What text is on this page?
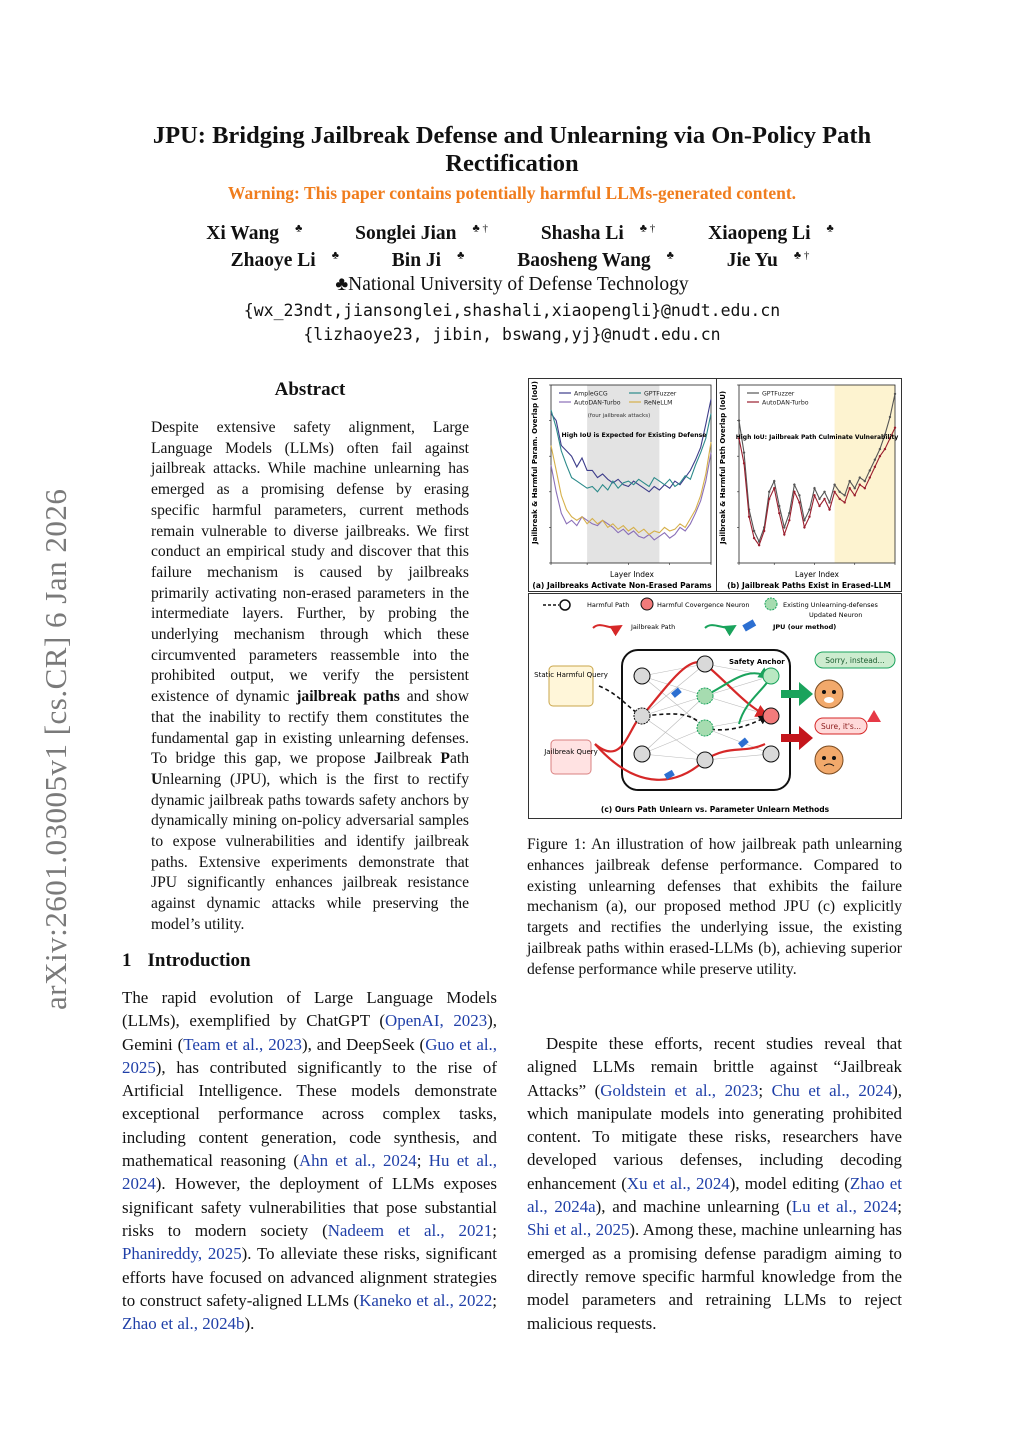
arXiv:2601.03005v1 [cs.CR] 6 Jan 2026
JPU: Bridging Jailbreak Defense and Unlearning via On-Policy Path
Rectification
Warning: This paper contains potentially harmful LLMs-generated content.
Xi Wang ♣	Songlei Jian ♣ †	Shasha Li ♣ †	Xiaopeng Li ♣
Zhaoye Li ♣	Bin Ji ♣	Baosheng Wang ♣	Jie Yu ♣ †
♣National University of Defense Technology
{wx_23ndt,jiansonglei,shashali,xiaopengli}@nudt.edu.cn
{lizhaoye23, jibin, bswang,yj}@nudt.edu.cn
Abstract
Despite extensive safety alignment, Large Language Models (LLMs) often fail against jailbreak attacks. While machine unlearning has emerged as a promising defense by erasing specific harmful parameters, current methods remain vulnerable to diverse jailbreaks. We first conduct an empirical study and discover that this failure mechanism is caused by jailbreaks primarily activating non-erased parameters in the intermediate layers. Further, by probing the underlying mechanism through which these circumvented parameters reassemble into the prohibited output, we verify the persistent existence of dynamic jailbreak paths and show that the inability to rectify them constitutes the fundamental gap in existing unlearning defenses. To bridge this gap, we propose Jailbreak Path Unlearning (JPU), which is the first to rectify dynamic jailbreak paths towards safety anchors by dynamically mining on-policy adversarial samples to expose vulnerabilities and identify jailbreak paths. Extensive experiments demonstrate that JPU significantly enhances jailbreak resistance against dynamic attacks while preserving the model’s utility.
1 Introduction

The rapid evolution of Large Language Models (LLMs), exemplified by ChatGPT (OpenAI, 2023), Gemini (Team et al., 2023), and DeepSeek (Guo et al., 2025), has contributed significantly to the rise of Artificial Intelligence. These models demonstrate exceptional performance across complex tasks, including content generation, code synthesis, and mathematical reasoning (Ahn et al., 2024; Hu et al., 2024). However, the deployment of LLMs exposes significant safety vulnerabilities that pose substantial risks to modern society (Nadeem et al., 2021; Phanireddy, 2025). To alleviate these risks, significant efforts have focused on advanced alignment strategies to construct safety-aligned LLMs (Kaneko et al., 2022; Zhao et al., 2024b).

Despite these efforts, recent studies reveal that aligned LLMs remain brittle against “Jailbreak Attacks” (Goldstein et al., 2023; Chu et al., 2024), which manipulate models into generating prohibited content. To mitigate these risks, researchers have developed various defenses, including decoding enhancement (Xu et al., 2024), model editing (Zhao et al., 2024a), and machine unlearning (Lu et al., 2024; Shi et al., 2025). Among these, machine unlearning has emerged as a promising defense paradigm aiming to directly remove specific harmful knowledge from the model parameters and retraining LLMs to reject malicious requests.

Figure 1: An illustration of how jailbreak path unlearning enhances jailbreak defense performance. Compared to existing unlearning defenses that exhibits the failure mechanism (a), our proposed method JPU (c) explicitly targets and rectifies the underlying issue, the existing jailbreak paths within erased-LLMs (b), achieving superior defense performance while preserve utility.
Jailbreak & Harmful Param. Overlap (IoU)
Layer Index
(a) Jailbreaks Activate Non-Erased Params
AmpleGCG	GPTFuzzer
AutoDAN-Turbo	ReNeLLM
(four jailbreak attacks)
High IoU is Expected for Existing Defense Jailbreak & Harmful Path Overlap (IoU)
Layer Index
(b) Jailbreak Paths Exist in Erased-LLM
GPTFuzzer
AutoDAN-Turbo
High IoU: Jailbreak Path Culminate Vulnerability
Harmful Path	Harmful Covergence Neuron	Existing Unlearning-defenses
Updated Neuron
Jailbreak Path	JPU (our method)
Safety Anchor
Static Harmful Query
Jailbreak Query
Sorry, instead...
Sure, it's...
(c) Ours Path Unlearn vs. Parameter Unlearn Methods
